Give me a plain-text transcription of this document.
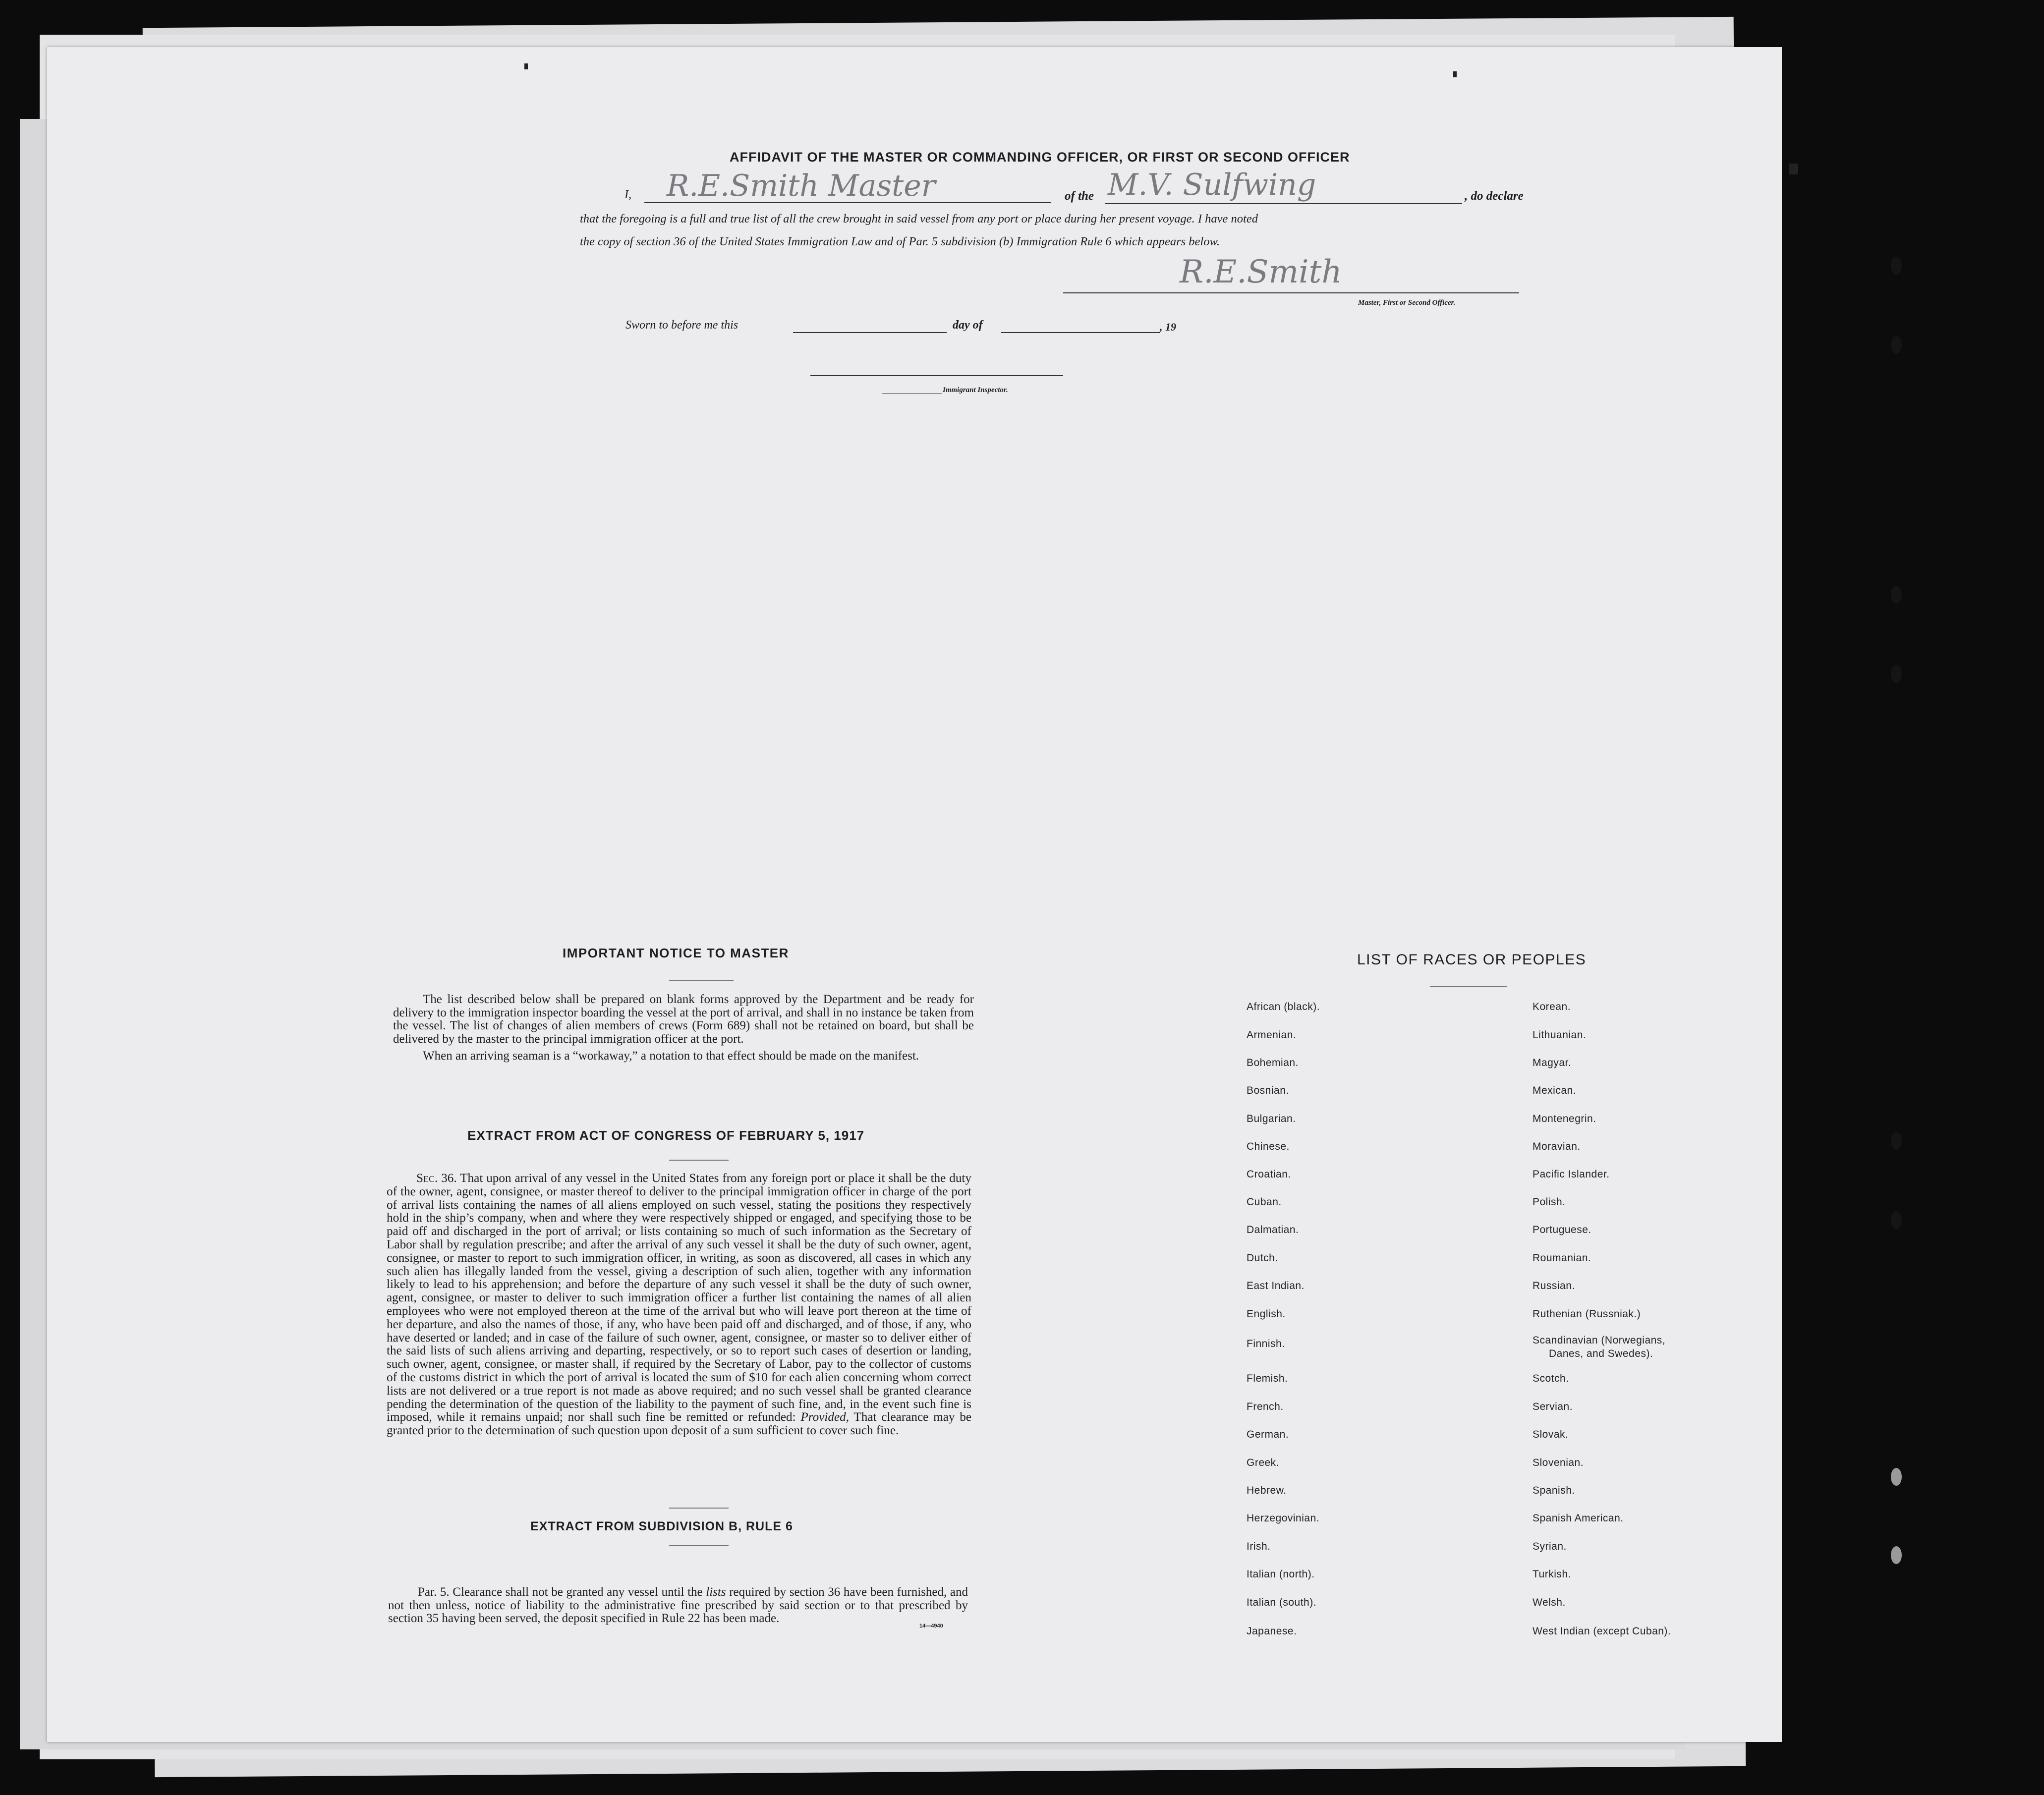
AFFIDAVIT OF THE MASTER OR COMMANDING OFFICER, OR FIRST OR SECOND OFFICER
I, R.E.Smith Master	of the M.V. Sulfwing	, do declare
that the foregoing is a full and true list of all the crew brought in said vessel from any port or place during her present voyage. I have noted
the copy of section 36 of the United States Immigration Law and of Par. 5 subdivision (b) Immigration Rule 6 which appears below.
R.E.Smith
Master, First or Second Officer.
Sworn to before me this	day of	, 19
Immigrant Inspector.
IMPORTANT NOTICE TO MASTER

The list described below shall be prepared on blank forms approved by the Department and be ready for delivery to the immigration inspector boarding the vessel at the port of arrival, and shall in no instance be taken from the vessel. The list of changes of alien members of crews (Form 689) shall not be retained on board, but shall be delivered by the master to the principal immigration officer at the port.

When an arriving seaman is a “workaway,” a notation to that effect should be made on the manifest.

EXTRACT FROM ACT OF CONGRESS OF FEBRUARY 5, 1917

Sec. 36. That upon arrival of any vessel in the United States from any foreign port or place it shall be the duty of the owner, agent, consignee, or master thereof to deliver to the principal immigration officer in charge of the port of arrival lists containing the names of all aliens employed on such vessel, stating the positions they respectively hold in the ship’s company, when and where they were respectively shipped or engaged, and specifying those to be paid off and discharged in the port of arrival; or lists containing so much of such information as the Secretary of Labor shall by regulation prescribe; and after the arrival of any such vessel it shall be the duty of such owner, agent, consignee, or master to report to such immigration officer, in writing, as soon as discovered, all cases in which any such alien has illegally landed from the vessel, giving a description of such alien, together with any information likely to lead to his apprehension; and before the departure of any such vessel it shall be the duty of such owner, agent, consignee, or master to deliver to such immigration officer a further list containing the names of all alien employees who were not employed thereon at the time of the arrival but who will leave port thereon at the time of her departure, and also the names of those, if any, who have been paid off and discharged, and of those, if any, who have deserted or landed; and in case of the failure of such owner, agent, consignee, or master so to deliver either of the said lists of such aliens arriving and departing, respectively, or so to report such cases of desertion or landing, such owner, agent, consignee, or master shall, if required by the Secretary of Labor, pay to the collector of customs of the customs district in which the port of arrival is located the sum of $10 for each alien concerning whom correct lists are not delivered or a true report is not made as above required; and no such vessel shall be granted clearance pending the determination of the question of the liability to the payment of such fine, and, in the event such fine is imposed, while it remains unpaid; nor shall such fine be remitted or refunded: Provided, That clearance may be granted prior to the determination of such question upon deposit of a sum sufficient to cover such fine.

EXTRACT FROM SUBDIVISION B, RULE 6

Par. 5. Clearance shall not be granted any vessel until the lists required by section 36 have been furnished, and not then unless, notice of liability to the administrative fine prescribed by said section or to that prescribed by section 35 having been served, the deposit specified in Rule 22 has been made.

14—4940
LIST OF RACES OR PEOPLES
African (black).
Armenian.
Bohemian.
Bosnian.
Bulgarian.
Chinese.
Croatian.
Cuban.
Dalmatian.
Dutch.
East Indian.
English.
Finnish.
Flemish.
French.
German.
Greek.
Hebrew.
Herzegovinian.
Irish.
Italian (north).
Italian (south).
Japanese.
Korean.
Lithuanian.
Magyar.
Mexican.
Montenegrin.
Moravian.
Pacific Islander.
Polish.
Portuguese.
Roumanian.
Russian.
Ruthenian (Russniak.)
Scandinavian (Norwegians,
Danes, and Swedes).
Scotch.
Servian.
Slovak.
Slovenian.
Spanish.
Spanish American.
Syrian.
Turkish.
Welsh.
West Indian (except Cuban).
